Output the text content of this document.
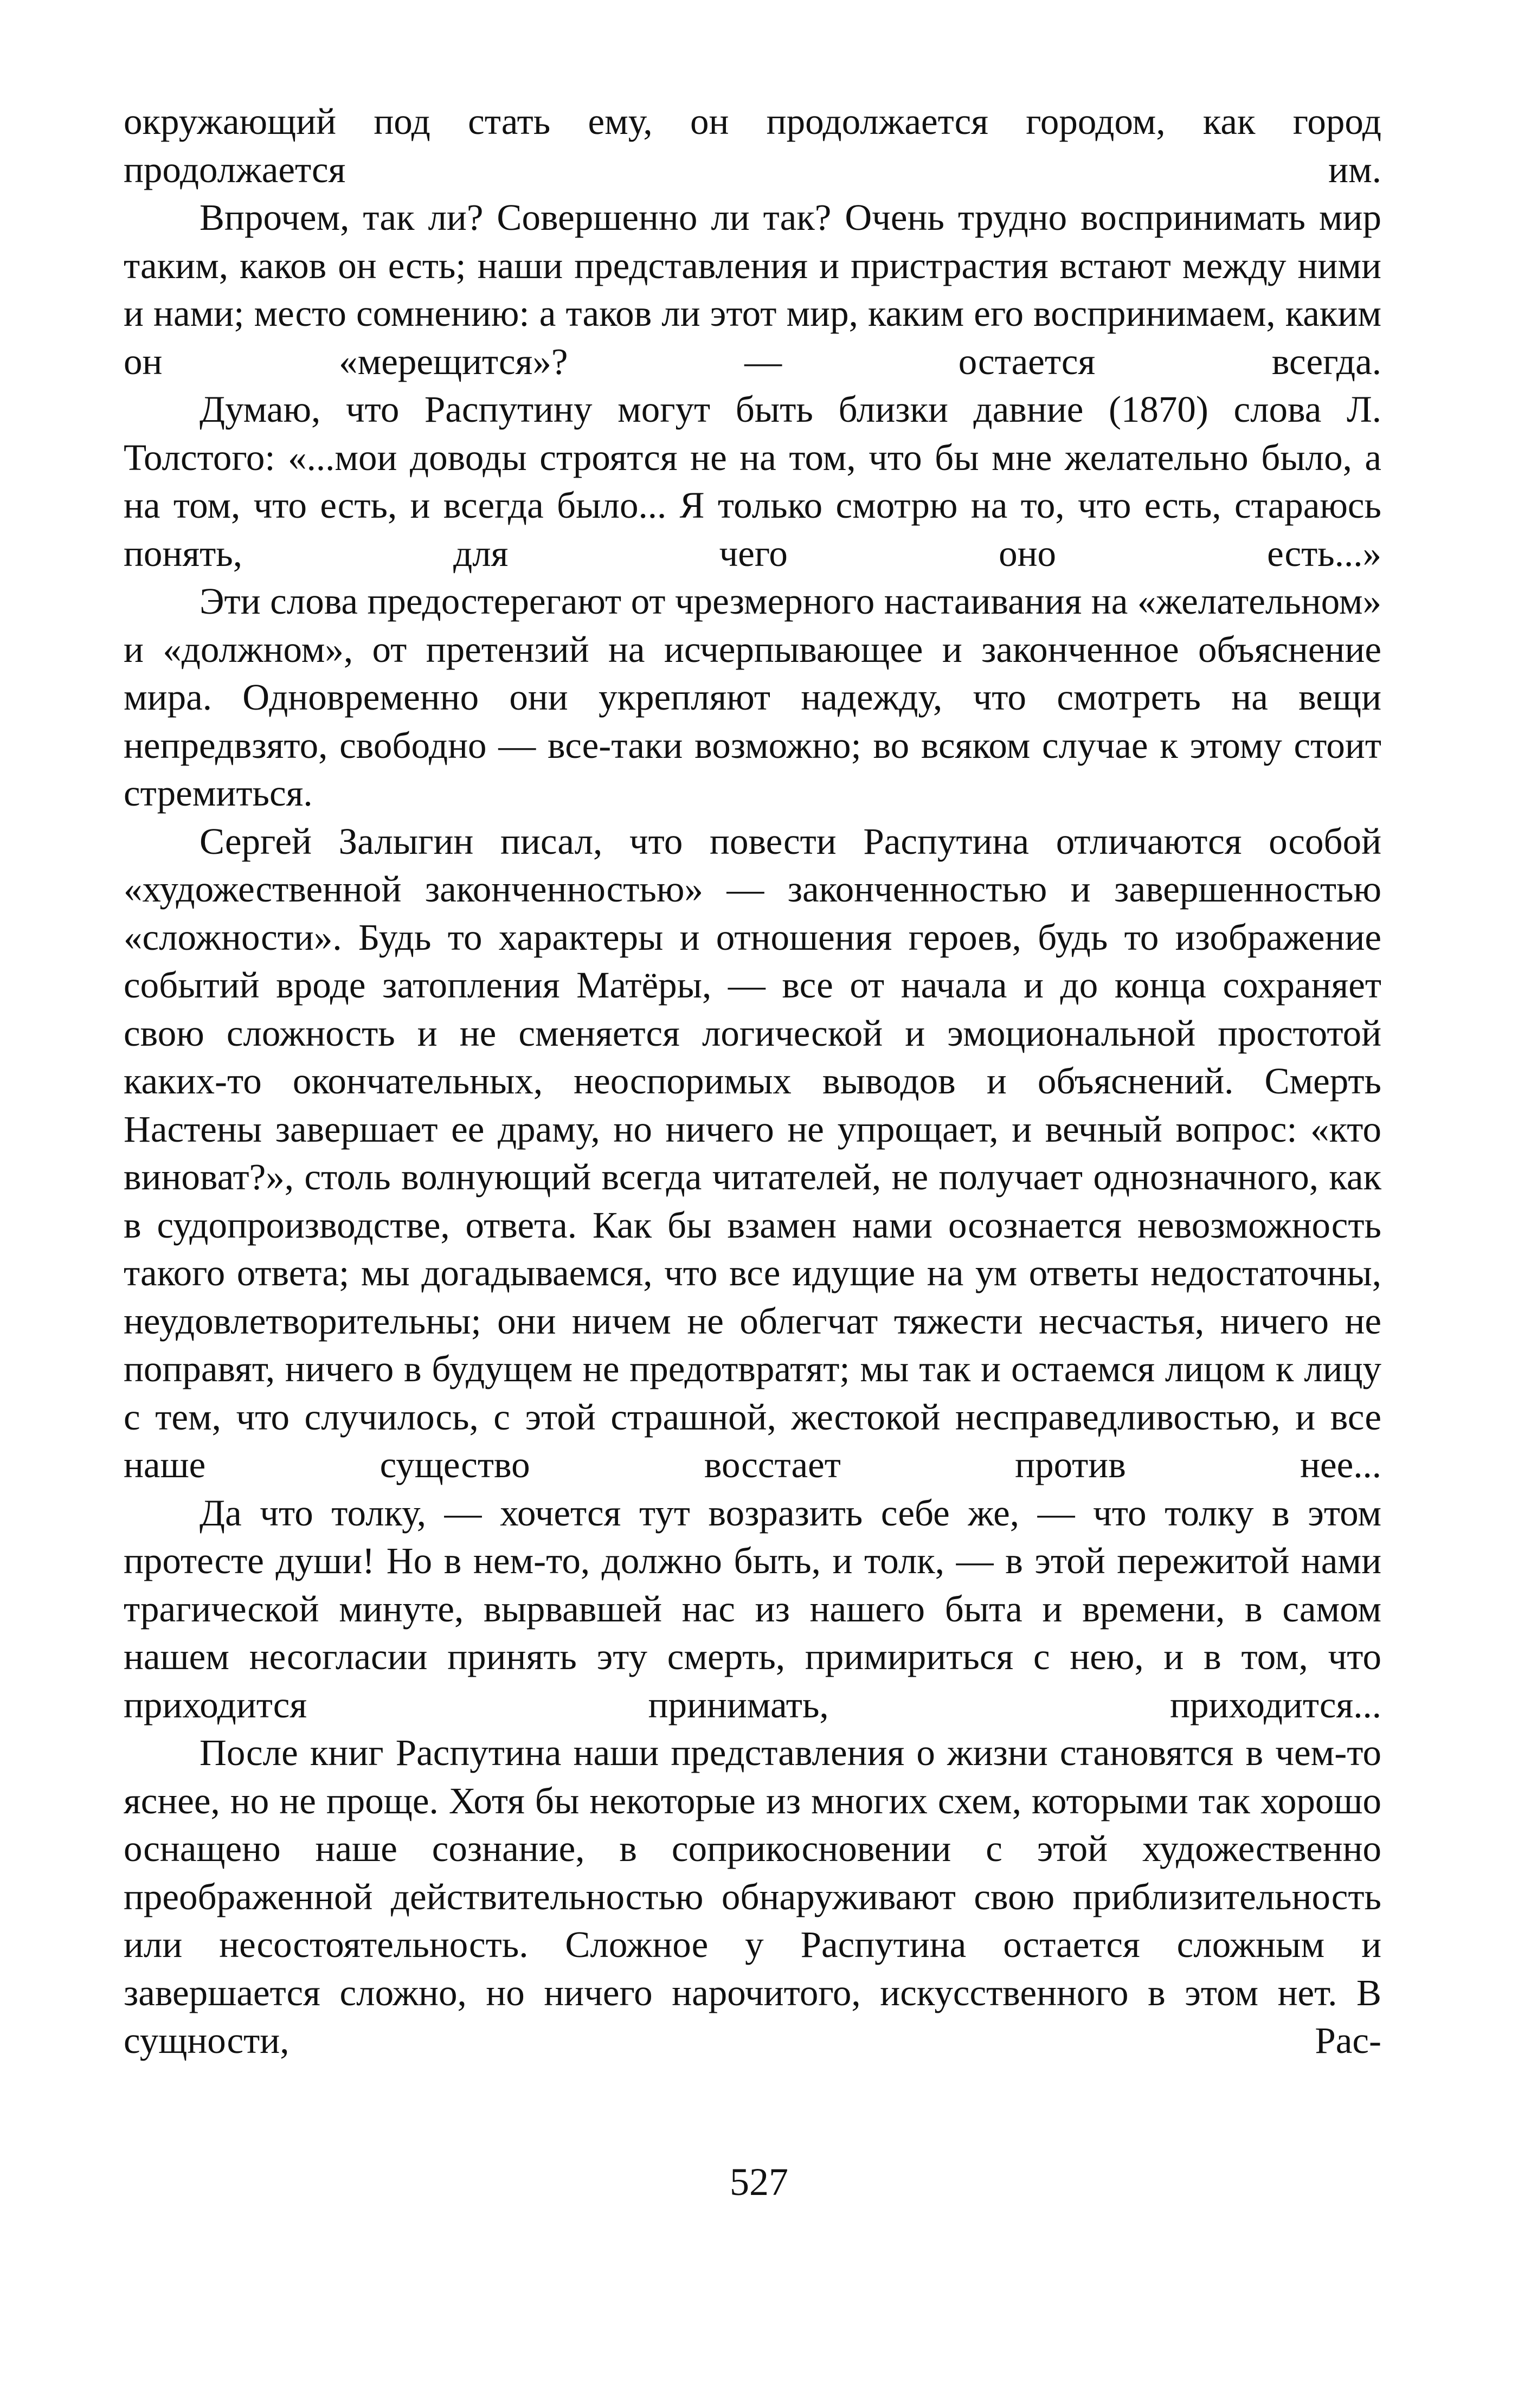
окружающий под стать ему, он продолжается городом, как город продолжается им.

Впрочем, так ли? Совершенно ли так? Очень трудно воспринимать мир таким, каков он есть; наши представления и пристрастия встают между ними и нами; место сомнению: а таков ли этот мир, каким его воспринимаем, каким он «мерещится»? — остается всегда.

Думаю, что Распутину могут быть близки давние (1870) слова Л. Толстого: «...мои доводы строятся не на том, что бы мне желательно было, а на том, что есть, и всегда было... Я только смотрю на то, что есть, стараюсь понять, для чего оно есть...»

Эти слова предостерегают от чрезмерного настаивания на «желательном» и «должном», от претензий на исчерпывающее и законченное объяснение мира. Одновременно они укрепляют надежду, что смотреть на вещи непредвзято, свободно — все-таки возможно; во всяком случае к этому стоит стремиться.

Сергей Залыгин писал, что повести Распутина отличаются особой «художественной законченностью» — законченностью и завершенностью «сложности». Будь то характеры и отношения героев, будь то изображение событий вроде затопления Матёры, — все от начала и до конца сохраняет свою сложность и не сменяется логической и эмоциональной простотой каких-то окончательных, неоспоримых выводов и объяснений. Смерть Настены завершает ее драму, но ничего не упрощает, и вечный вопрос: «кто виноват?», столь волнующий всегда читателей, не получает однозначного, как в судопроизводстве, ответа. Как бы взамен нами осознается невозможность такого ответа; мы догадываемся, что все идущие на ум ответы недостаточны, неудовлетворительны; они ничем не облегчат тяжести несчастья, ничего не поправят, ничего в будущем не предотвратят; мы так и остаемся лицом к лицу с тем, что случилось, с этой страшной, жестокой несправедливостью, и все наше существо восстает против нее...

Да что толку, — хочется тут возразить себе же, — что толку в этом протесте души! Но в нем-то, должно быть, и толк, — в этой пережитой нами трагической минуте, вырвавшей нас из нашего быта и времени, в самом нашем несогласии принять эту смерть, примириться с нею, и в том, что приходится принимать, приходится...

После книг Распутина наши представления о жизни становятся в чем-то яснее, но не проще. Хотя бы некоторые из многих схем, которыми так хорошо оснащено наше сознание, в соприкосновении с этой художественно преображенной действительностью обнаруживают свою приблизительность или несостоятельность. Сложное у Распутина остается сложным и завершается сложно, но ничего нарочитого, искусственного в этом нет. В сущности, Рас-

527
